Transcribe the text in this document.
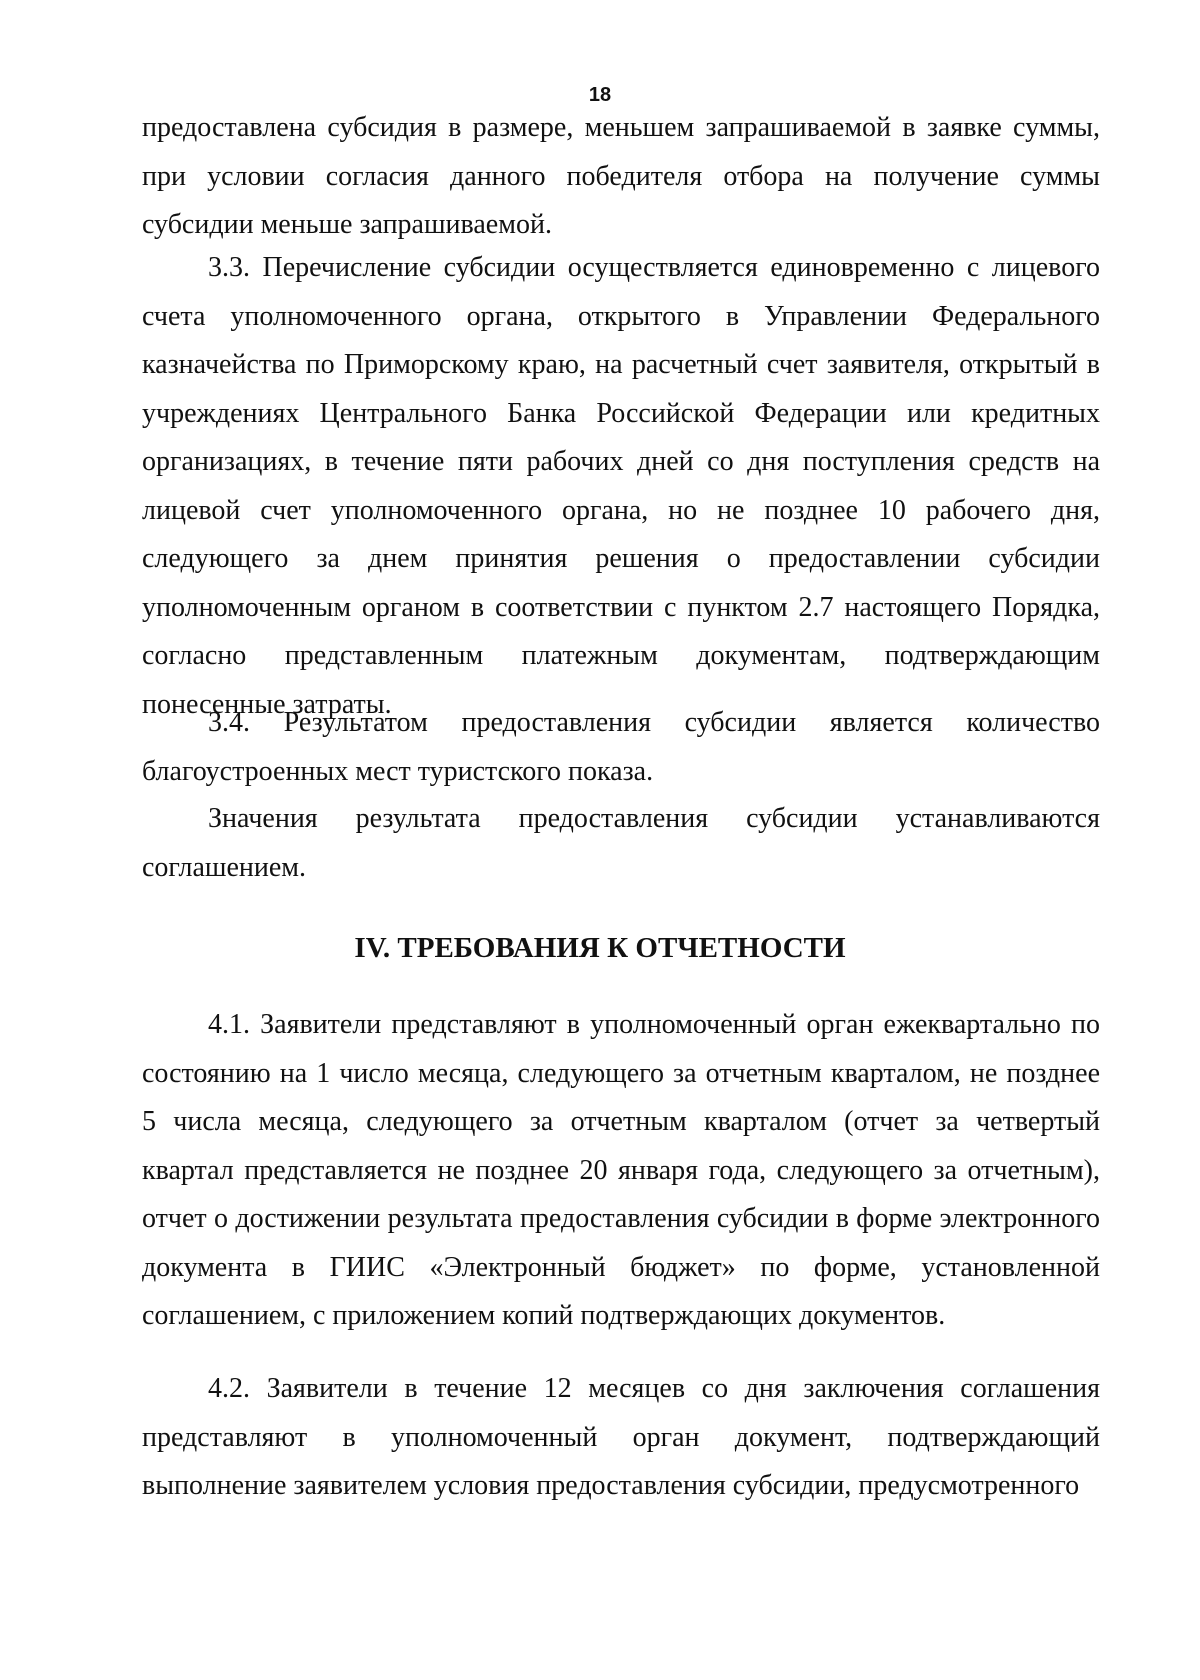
18

предоставлена субсидия в размере, меньшем запрашиваемой в заявке суммы, при условии согласия данного победителя отбора на получение суммы субсидии меньше запрашиваемой.

3.3. Перечисление субсидии осуществляется единовременно с лицевого счета уполномоченного органа, открытого в Управлении Федерального казначейства по Приморскому краю, на расчетный счет заявителя, открытый в учреждениях Центрального Банка Российской Федерации или кредитных организациях, в течение пяти рабочих дней со дня поступления средств на лицевой счет уполномоченного органа, но не позднее 10 рабочего дня, следующего за днем принятия решения о предоставлении субсидии уполномоченным органом в соответствии с пунктом 2.7 настоящего Порядка, согласно представленным платежным документам, подтверждающим понесенные затраты.

3.4. Результатом предоставления субсидии является количество благоустроенных мест туристского показа.

Значения результата предоставления субсидии устанавливаются соглашением.

IV. ТРЕБОВАНИЯ К ОТЧЕТНОСТИ

4.1. Заявители представляют в уполномоченный орган ежеквартально по состоянию на 1 число месяца, следующего за отчетным кварталом, не позднее 5 числа месяца, следующего за отчетным кварталом (отчет за четвертый квартал представляется не позднее 20 января года, следующего за отчетным), отчет о достижении результата предоставления субсидии в форме электронного документа в ГИИС «Электронный бюджет» по форме, установленной соглашением, с приложением копий подтверждающих документов.

4.2. Заявители в течение 12 месяцев со дня заключения соглашения представляют в уполномоченный орган документ, подтверждающий выполнение заявителем условия предоставления субсидии, предусмотренного
